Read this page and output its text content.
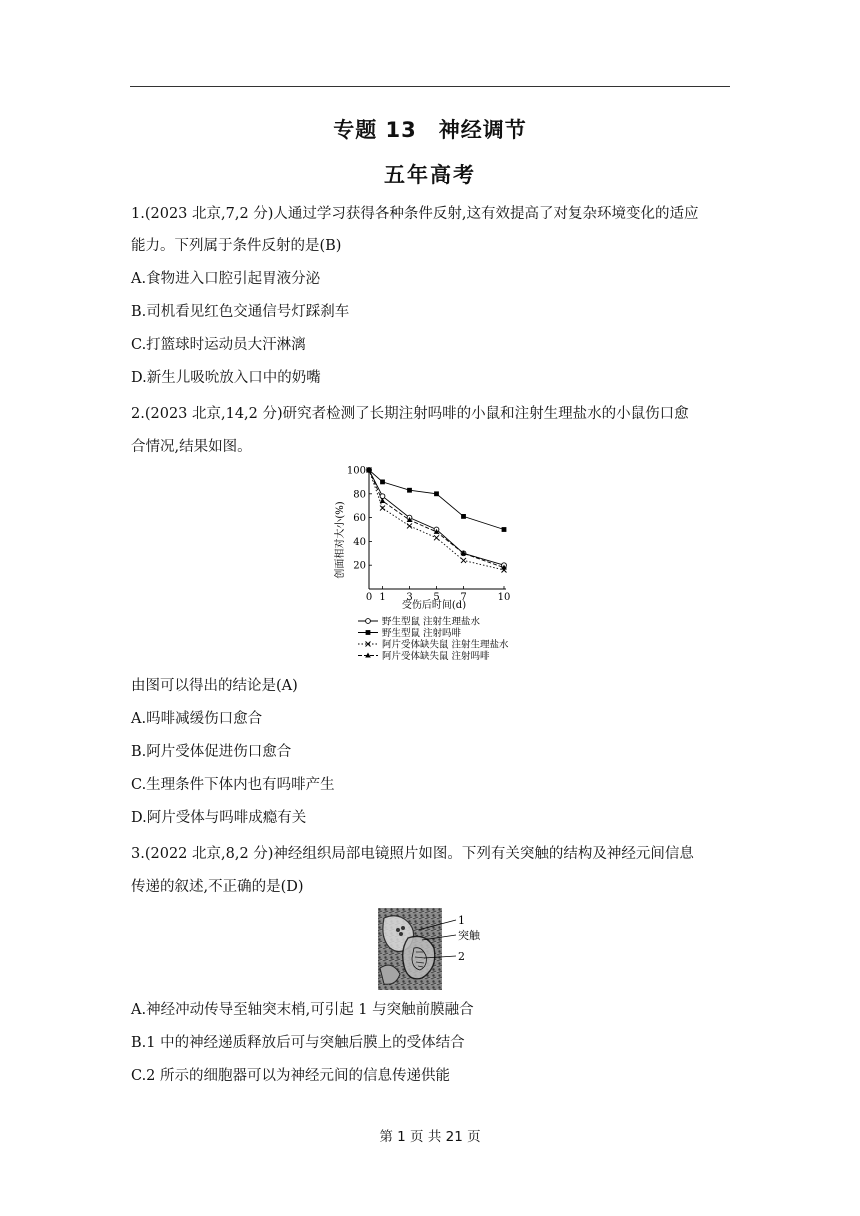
专题 13　神经调节
五年高考
1.(2023 北京,7,2 分)人通过学习获得各种条件反射,这有效提高了对复杂环境变化的适应
能力。下列属于条件反射的是(B)
A.食物进入口腔引起胃液分泌
B.司机看见红色交通信号灯踩刹车
C.打篮球时运动员大汗淋漓
D.新生儿吸吮放入口中的奶嘴
2.(2023 北京,14,2 分)研究者检测了长期注射吗啡的小鼠和注射生理盐水的小鼠伤口愈
合情况,结果如图。
20
40
60
80
100
0 1 3 5 7	10
创面相对大小(%)
受伤后时间(d)
野生型鼠 注射生理盐水
野生型鼠 注射吗啡
阿片受体缺失鼠 注射生理盐水
阿片受体缺失鼠 注射吗啡
由图可以得出的结论是(A)
A.吗啡减缓伤口愈合
B.阿片受体促进伤口愈合
C.生理条件下体内也有吗啡产生
D.阿片受体与吗啡成瘾有关
3.(2022 北京,8,2 分)神经组织局部电镜照片如图。下列有关突触的结构及神经元间信息
传递的叙述,不正确的是(D)
1
突触
2
A.神经冲动传导至轴突末梢,可引起 1 与突触前膜融合
B.1 中的神经递质释放后可与突触后膜上的受体结合
C.2 所示的细胞器可以为神经元间的信息传递供能
第 1 页 共 21 页
